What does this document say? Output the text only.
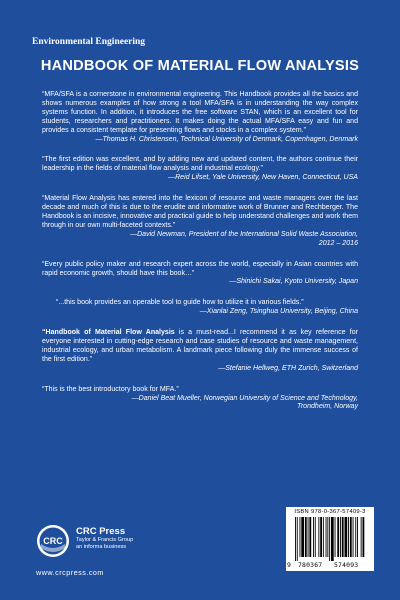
Environmental Engineering
HANDBOOK OF MATERIAL FLOW ANALYSIS

“MFA/SFA is a cornerstone in environmental engineering. This Handbook provides all the basics and shows numerous examples of how strong a tool MFA/SFA is in understanding the way complex systems function. In addition, it introduces the free software STAN, which is an excellent tool for students, researchers and practitioners. It makes doing the actual MFA/SFA easy and fun and provides a consistent template for presenting flows and stocks in a complex system.”

—Thomas H. Christensen, Technical University of Denmark, Copenhagen, Denmark

“The first edition was excellent, and by adding new and updated content, the authors continue their leadership in the fields of material flow analysis and industrial ecology.”

—Reid Lifset, Yale University, New Haven, Connecticut, USA

“Material Flow Analysis has entered into the lexicon of resource and waste managers over the last decade and much of this is due to the erudite and informative work of Brunner and Rechberger. The Handbook is an incisive, innovative and practical guide to help understand challenges and work them through in our own multi-faceted contexts.”

—David Newman, President of the International Solid Waste Association,

2012 – 2016

“Every public policy maker and research expert across the world, especially in Asian countries with rapid economic growth, should have this book…”

—Shinichi Sakai, Kyoto University, Japan

“...this book provides an operable tool to guide how to utilize it in various fields.”

—Xianlai Zeng, Tsinghua University, Beijing, China

“Handbook of Material Flow Analysis is a must-read...I recommend it as key reference for everyone interested in cutting-edge research and case studies of resource and waste management, industrial ecology, and urban metabolism. A landmark piece following duly the immense success of the first edition.”

—Stefanie Hellweg, ETH Zurich, Switzerland

“This is the best introductory book for MFA.”

—Daniel Beat Mueller, Norwegian University of Science and Technology,

Trondheim, Norway

CRC
CRC Press
Taylor & Francis Group
an informa business
www.crcpress.com
ISBN 978-0-367-57409-3
9 780367 574093
